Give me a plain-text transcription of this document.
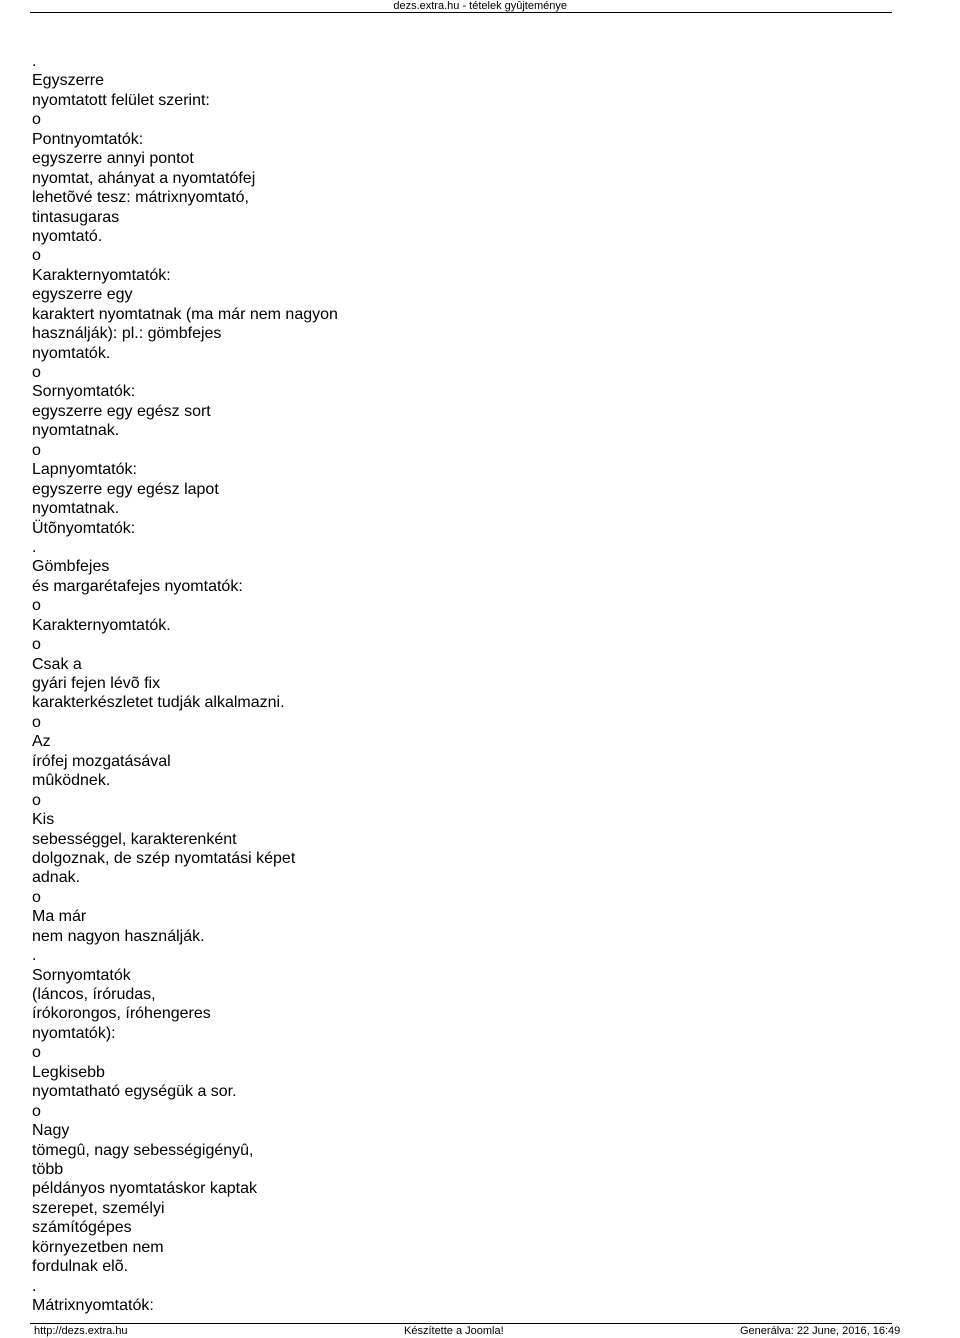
dezs.extra.hu - tételek gyûjteménye
.
Egyszerre
nyomtatott felület szerint:
o
Pontnyomtatók:
egyszerre annyi pontot
nyomtat, ahányat a nyomtatófej
lehetõvé tesz: mátrixnyomtató,
tintasugaras
nyomtató.
o
Karakternyomtatók:
egyszerre egy
karaktert nyomtatnak (ma már nem nagyon
használják): pl.: gömbfejes
nyomtatók.
o
Sornyomtatók:
egyszerre egy egész sort
nyomtatnak.
o
Lapnyomtatók:
egyszerre egy egész lapot
nyomtatnak.
Ütõnyomtatók:
.
Gömbfejes
és margarétafejes nyomtatók:
o
Karakternyomtatók.
o
Csak a
gyári fejen lévõ fix
karakterkészletet tudják alkalmazni.
o
Az
írófej mozgatásával
mûködnek.
o
Kis
sebességgel, karakterenként
dolgoznak, de szép nyomtatási képet
adnak.
o
Ma már
nem nagyon használják.
.
Sornyomtatók
(láncos, írórudas,
írókorongos, íróhengeres
nyomtatók):
o
Legkisebb
nyomtatható egységük a sor.
o
Nagy
tömegû, nagy sebességigényû,
több
példányos nyomtatáskor kaptak
szerepet, személyi
számítógépes
környezetben nem
fordulnak elõ.
.
Mátrixnyomtatók:
http://dezs.extra.hu	Készítette a Joomla!	Generálva: 22 June, 2016, 16:49
